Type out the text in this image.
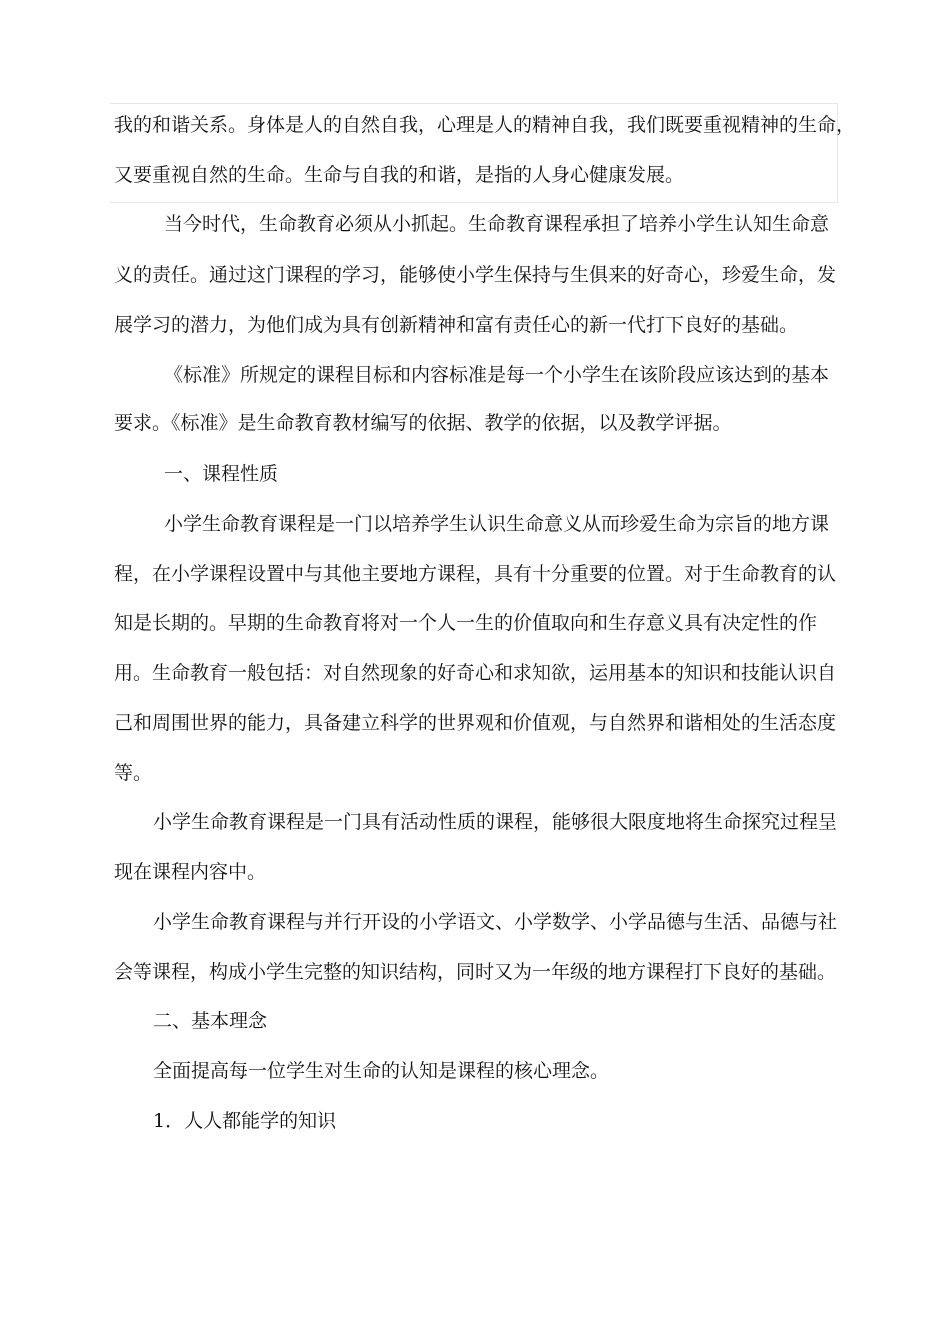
我的和谐关系。身体是人的自然自我，心理是人的精神自我，我们既要重视精神的生命，
又要重视自然的生命。生命与自我的和谐，是指的人身心健康发展。
当今时代，生命教育必须从小抓起。生命教育课程承担了培养小学生认知生命意
义的责任。通过这门课程的学习，能够使小学生保持与生俱来的好奇心，珍爱生命，发
展学习的潜力，为他们成为具有创新精神和富有责任心的新一代打下良好的基础。
《标准》所规定的课程目标和内容标准是每一个小学生在该阶段应该达到的基本
要求。《标准》是生命教育教材编写的依据、教学的依据，以及教学评据。
一、课程性质
小学生命教育课程是一门以培养学生认识生命意义从而珍爱生命为宗旨的地方课
程，在小学课程设置中与其他主要地方课程，具有十分重要的位置。对于生命教育的认
知是长期的。早期的生命教育将对一个人一生的价值取向和生存意义具有决定性的作
用。生命教育一般包括：对自然现象的好奇心和求知欲，运用基本的知识和技能认识自
己和周围世界的能力，具备建立科学的世界观和价值观，与自然界和谐相处的生活态度
等。
小学生命教育课程是一门具有活动性质的课程，能够很大限度地将生命探究过程呈
现在课程内容中。
小学生命教育课程与并行开设的小学语文、小学数学、小学品德与生活、品德与社
会等课程，构成小学生完整的知识结构，同时又为一年级的地方课程打下良好的基础。
二、基本理念
全面提高每一位学生对生命的认知是课程的核心理念。
1．人人都能学的知识
